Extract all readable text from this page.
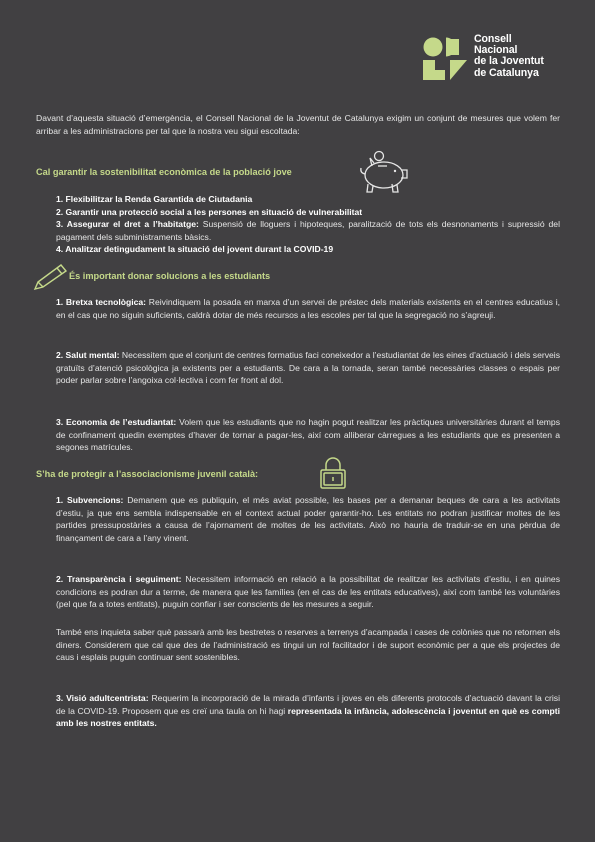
Consell
Nacional
de la Joventut
de Catalunya
Davant d’aquesta situació d’emergència, el Consell Nacional de la Joventut de Catalunya exigim un conjunt de mesures que volem fer arribar a les administracions per tal que la nostra veu sigui escoltada:
Cal garantir la sostenibilitat econòmica de la població jove
1. Flexibilitzar la Renda Garantida de Ciutadania
2. Garantir una protecció social a les persones en situació de vulnerabilitat
3. Assegurar el dret a l’habitatge: Suspensió de lloguers i hipoteques, paralització de tots els desnonaments i supressió del pagament dels subministraments bàsics.
4. Analitzar detingudament la situació del jovent durant la COVID-19
És important donar solucions a les estudiants
1. Bretxa tecnològica: Reivindiquem la posada en marxa d’un servei de préstec dels materials existents en el centres educatius i, en el cas que no siguin suficients, caldrà dotar de més recursos a les escoles per tal que la segregació no s’agreuji.
2. Salut mental: Necessitem que el conjunt de centres formatius faci coneixedor a l’estudiantat de les eines d’actuació i dels serveis gratuïts d’atenció psicològica ja existents per a estudiants. De cara a la tornada, seran també necessàries classes o espais per poder parlar sobre l’angoixa col·lectiva i com fer front al dol.
3. Economia de l’estudiantat: Volem que les estudiants que no hagin pogut realitzar les pràctiques universitàries durant el temps de confinament quedin exemptes d’haver de tornar a pagar-les, així com alliberar càrregues a les estudiants que es presenten a segones matrícules.
S’ha de protegir a l’associacionisme juvenil català:
1. Subvencions: Demanem que es publiquin, el més aviat possible, les bases per a demanar beques de cara a les activitats d’estiu, ja que ens sembla indispensable en el context actual poder garantir-ho. Les entitats no podran justificar moltes de les partides pressupostàries a causa de l’ajornament de moltes de les activitats. Això no hauria de traduir-se en una pèrdua de finançament de cara a l’any vinent.
2. Transparència i seguiment: Necessitem informació en relació a la possibilitat de realitzar les activitats d’estiu, i en quines condicions es podran dur a terme, de manera que les famílies (en el cas de les entitats educatives), així com també les voluntàries (pel que fa a totes entitats), puguin confiar i ser conscients de les mesures a seguir.
També ens inquieta saber què passarà amb les bestretes o reserves a terrenys d’acampada i cases de colònies que no retornen els diners. Considerem que cal que des de l’administració es tingui un rol facilitador i de suport econòmic per a que els projectes de caus i esplais puguin continuar sent sostenibles.
3. Visió adultcentrista: Requerim la incorporació de la mirada d’infants i joves en els diferents protocols d’actuació davant la crisi de la COVID-19. Proposem que es creï una taula on hi hagi representada la infància, adolescència i joventut en què es compti amb les nostres entitats.
